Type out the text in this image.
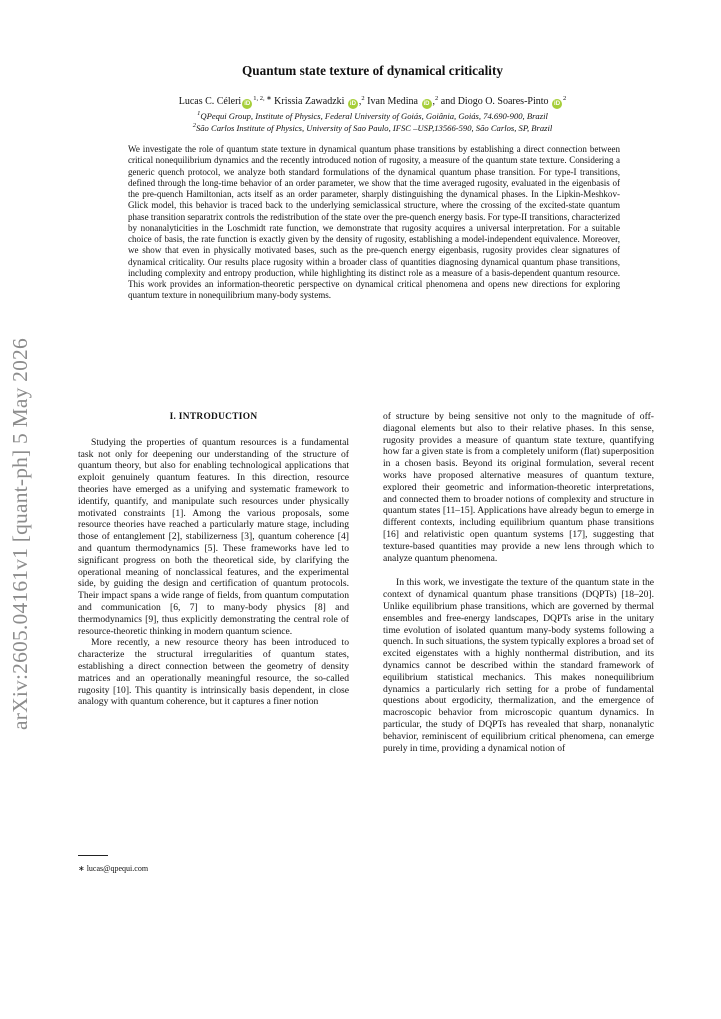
arXiv:2605.04161v1 [quant-ph] 5 May 2026
Quantum state texture of dynamical criticality
Lucas C. Céleri $iD^{1, 2, ∗}$ Krissia Zawadzki iD ,$^2$ Ivan Medina iD ,$^2$ and Diogo O. Soares-Pinto $iD^2$
$^1$QPequi Group, Institute of Physics, Federal University of Goiás, Goiânia, Goiás, 74.690-900, Brazil
$^2$São Carlos Institute of Physics, University of Sao Paulo, IFSC –USP,13566-590, São Carlos, SP, Brazil
We investigate the role of quantum state texture in dynamical quantum phase transitions by establishing a direct connection between critical nonequilibrium dynamics and the recently introduced notion of rugosity, a measure of the quantum state texture. Considering a generic quench protocol, we analyze both standard formulations of the dynamical quantum phase transition. For type-I transitions, defined through the long-time behavior of an order parameter, we show that the time averaged rugosity, evaluated in the eigenbasis of the pre-quench Hamiltonian, acts itself as an order parameter, sharply distinguishing the dynamical phases. In the Lipkin-Meshkov-Glick model, this behavior is traced back to the underlying semiclassical structure, where the crossing of the excited-state quantum phase transition separatrix controls the redistribution of the state over the pre-quench energy basis. For type-II transitions, characterized by nonanalyticities in the Loschmidt rate function, we demonstrate that rugosity acquires a universal interpretation. For a suitable choice of basis, the rate function is exactly given by the density of rugosity, establishing a model-independent equivalence. Moreover, we show that even in physically motivated bases, such as the pre-quench energy eigenbasis, rugosity provides clear signatures of dynamical criticality. Our results place rugosity within a broader class of quantities diagnosing dynamical quantum phase transitions, including complexity and entropy production, while highlighting its distinct role as a measure of a basis-dependent quantum resource. This work provides an information-theoretic perspective on dynamical critical phenomena and opens new directions for exploring quantum texture in nonequilibrium many-body systems.
I. INTRODUCTION

Studying the properties of quantum resources is a fundamental task not only for deepening our understanding of the structure of quantum theory, but also for enabling technological applications that exploit genuinely quantum features. In this direction, resource theories have emerged as a unifying and systematic framework to identify, quantify, and manipulate such resources under physically motivated constraints [1]. Among the various proposals, some resource theories have reached a particularly mature stage, including those of entanglement [2], stabilizerness [3], quantum coherence [4] and quantum thermodynamics [5]. These frameworks have led to significant progress on both the theoretical side, by clarifying the operational meaning of nonclassical features, and the experimental side, by guiding the design and certification of quantum protocols. Their impact spans a wide range of fields, from quantum computation and communication [6, 7] to many-body physics [8] and thermodynamics [9], thus explicitly demonstrating the central role of resource-theoretic thinking in modern quantum science.

More recently, a new resource theory has been introduced to characterize the structural irregularities of quantum states, establishing a direct connection between the geometry of density matrices and an operationally meaningful resource, the so-called rugosity [10]. This quantity is intrinsically basis dependent, in close analogy with quantum coherence, but it captures a finer notion

of structure by being sensitive not only to the magnitude of off-diagonal elements but also to their relative phases. In this sense, rugosity provides a measure of quantum state texture, quantifying how far a given state is from a completely uniform (flat) superposition in a chosen basis. Beyond its original formulation, several recent works have proposed alternative measures of quantum texture, explored their geometric and information-theoretic interpretations, and connected them to broader notions of complexity and structure in quantum states [11–15]. Applications have already begun to emerge in different contexts, including equilibrium quantum phase transitions [16] and relativistic open quantum systems [17], suggesting that texture-based quantities may provide a new lens through which to analyze quantum phenomena.

In this work, we investigate the texture of the quantum state in the context of dynamical quantum phase transitions (DQPTs) [18–20]. Unlike equilibrium phase transitions, which are governed by thermal ensembles and free-energy landscapes, DQPTs arise in the unitary time evolution of isolated quantum many-body systems following a quench. In such situations, the system typically explores a broad set of excited eigenstates with a highly nonthermal distribution, and its dynamics cannot be described within the standard framework of equilibrium statistical mechanics. This makes nonequilibrium dynamics a particularly rich setting for a probe of fundamental questions about ergodicity, thermalization, and the emergence of macroscopic behavior from microscopic quantum dynamics. In particular, the study of DQPTs has revealed that sharp, nonanalytic behavior, reminiscent of equilibrium critical phenomena, can emerge purely in time, providing a dynamical notion of

∗ lucas@qpequi.com
